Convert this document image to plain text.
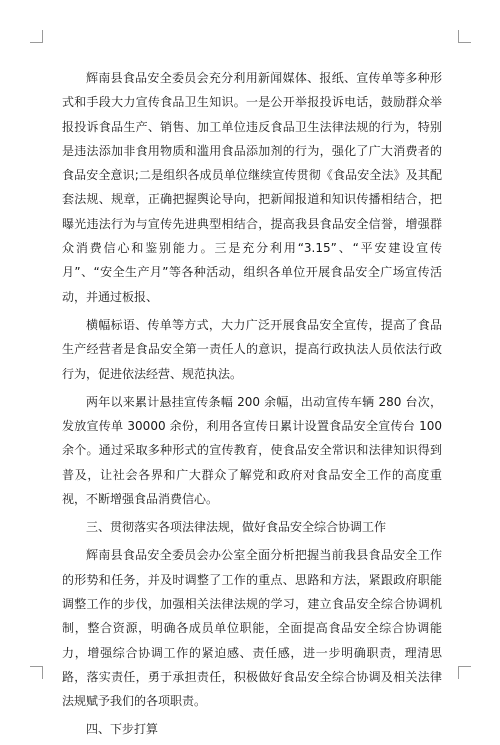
辉南县食品安全委员会充分利用新闻媒体、报纸、宣传单等多种形式和手段大力宣传食品卫生知识。一是公开举报投诉电话，鼓励群众举报投诉食品生产、销售、加工单位违反食品卫生法律法规的行为，特别是违法添加非食用物质和滥用食品添加剂的行为，强化了广大消费者的食品安全意识;二是组织各成员单位继续宣传贯彻《食品安全法》及其配套法规、规章，正确把握舆论导向，把新闻报道和知识传播相结合，把曝光违法行为与宣传先进典型相结合，提高我县食品安全信誉，增强群众消费信心和鉴别能力。三是充分利用“3.15”、“平安建设宣传月”、“安全生产月”等各种活动，组织各单位开展食品安全广场宣传活动，并通过板报、

横幅标语、传单等方式，大力广泛开展食品安全宣传，提高了食品生产经营者是食品安全第一责任人的意识，提高行政执法人员依法行政行为，促进依法经营、规范执法。

两年以来累计悬挂宣传条幅 200 余幅，出动宣传车辆 280 台次，发放宣传单 30000 余份，利用各宣传日累计设置食品安全宣传台 100 余个。通过采取多种形式的宣传教育，使食品安全常识和法律知识得到普及，让社会各界和广大群众了解党和政府对食品安全工作的高度重视，不断增强食品消费信心。

三、贯彻落实各项法律法规，做好食品安全综合协调工作

辉南县食品安全委员会办公室全面分析把握当前我县食品安全工作的形势和任务，并及时调整了工作的重点、思路和方法，紧跟政府职能调整工作的步伐，加强相关法律法规的学习，建立食品安全综合协调机制，整合资源，明确各成员单位职能，全面提高食品安全综合协调能力，增强综合协调工作的紧迫感、责任感，进一步明确职责，理清思路，落实责任，勇于承担责任，积极做好食品安全综合协调及相关法律法规赋予我们的各项职责。

四、下步打算
